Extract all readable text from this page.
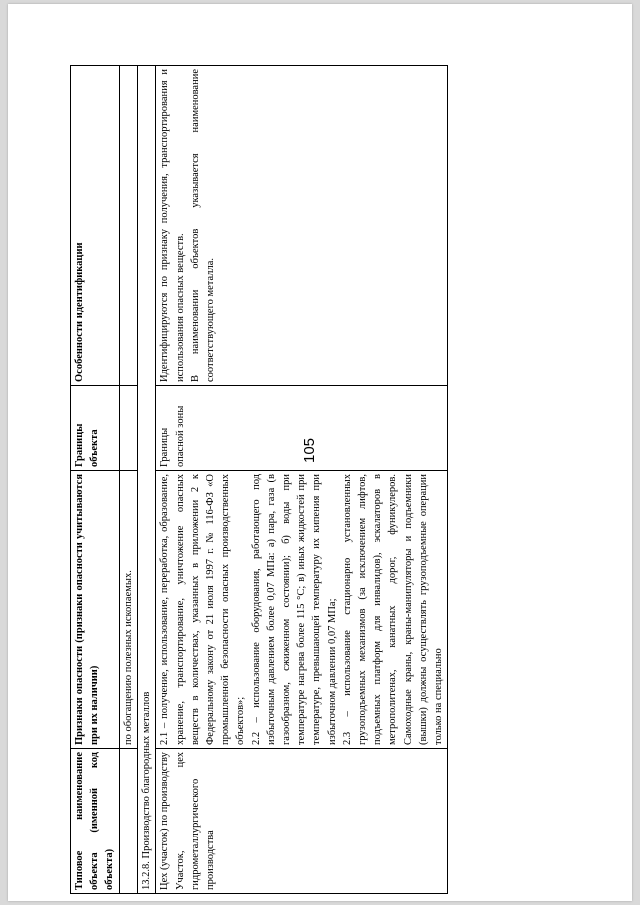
105
Типовое наименование объекта (именной код объекта)	Признаки опасности (признаки опасности учитываются при их наличии)	Границы объекта	Особенности идентификации
	по обогащению полезных ископаемых.		
13.2.8. Производство благородных металлов			

Цех (участок) по производству Участок, цех гидрометаллургического производства	2.1 – получение, использование, переработка, образование, хранение, транспортирование, уничтожение опасных веществ в количествах, указанных в приложении 2 к Федеральному закону от 21 июля 1997 г. № 116-ФЗ «О промышленной безопасности опасных производственных объектов»; 2.2 – использование оборудования, работающего под избыточным давлением более 0,07 МПа: а) пара, газа (в газообразном, сжиженном состоянии); б) воды при температуре нагрева более 115 °С; в) иных жидкостей при температуре, превышающей температуру их кипения при избыточном давлении 0,07 МПа; 2.3 – использование стационарно установленных грузоподъемных механизмов (за исключением лифтов, подъемных платформ для инвалидов), эскалаторов в метрополитенах, канатных дорог, фуникулеров. Самоходные краны, краны-манипуляторы и подъемники (вышки) должны осуществлять грузоподъемные операции только на специально	Границы опасной зоны	Идентифицируются по признаку получения, транспортирования и использования опасных веществ. В наименовании объектов указывается наименование соответствующего металла.
